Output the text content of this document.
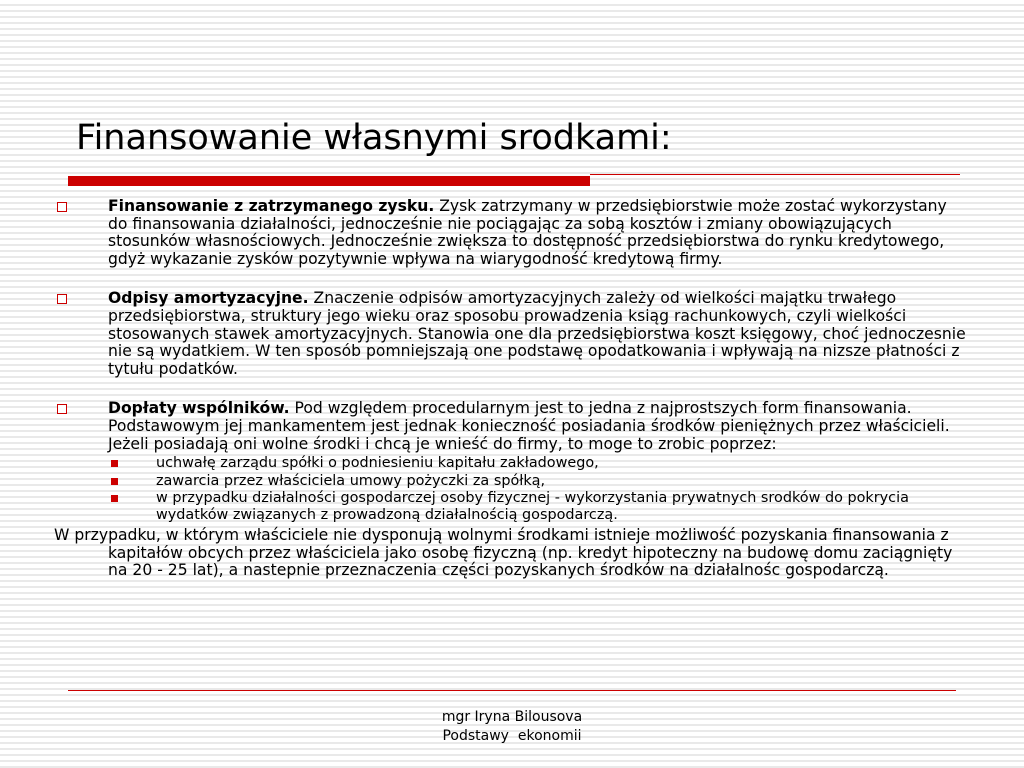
Finansowanie własnymi srodkami:
Finansowanie z zatrzymanego zysku. Zysk zatrzymany w przedsiębiorstwie może zostać wykorzystany do finansowania działalności, jednocześnie nie pociągając za sobą kosztów i zmiany obowiązujących stosunków własnościowych. Jednocześnie zwiększa to dostępność przedsiębiorstwa do rynku kredytowego, gdyż wykazanie zysków pozytywnie wpływa na wiarygodność kredytową firmy.
Odpisy amortyzacyjne. Znaczenie odpisów amortyzacyjnych zależy od wielkości majątku trwałego przedsiębiorstwa, struktury jego wieku oraz sposobu prowadzenia ksiąg rachunkowych, czyli wielkości stosowanych stawek amortyzacyjnych. Stanowia one dla przedsiębiorstwa koszt księgowy, choć jednoczesnie nie są wydatkiem. W ten sposób pomniejszają one podstawę opodatkowania i wpływają na nizsze płatności z tytułu podatków.
Dopłaty wspólników. Pod względem procedularnym jest to jedna z najprostszych form finansowania. Podstawowym jej mankamentem jest jednak konieczność posiadania środków pieniężnych przez właścicieli. Jeżeli posiadają oni wolne środki i chcą je wnieść do firmy, to moge to zrobic poprzez:
uchwałę zarządu spółki o podniesieniu kapitału zakładowego,
zawarcia przez właściciela umowy pożyczki za spółką,
w przypadku działalności gospodarczej osoby fizycznej - wykorzystania prywatnych srodków do pokrycia wydatków związanych z prowadzoną działalnością gospodarczą.

W przypadku, w którym właściciele nie dysponują wolnymi środkami istnieje możliwość pozyskania finansowania z kapitałów obcych przez właściciela jako osobę fizyczną (np. kredyt hipoteczny na budowę domu zaciągnięty na 20 - 25 lat), a nastepnie przeznaczenia części pozyskanych środków na działalnośc gospodarczą.

mgr Iryna Bilousova
Podstawy  ekonomii
